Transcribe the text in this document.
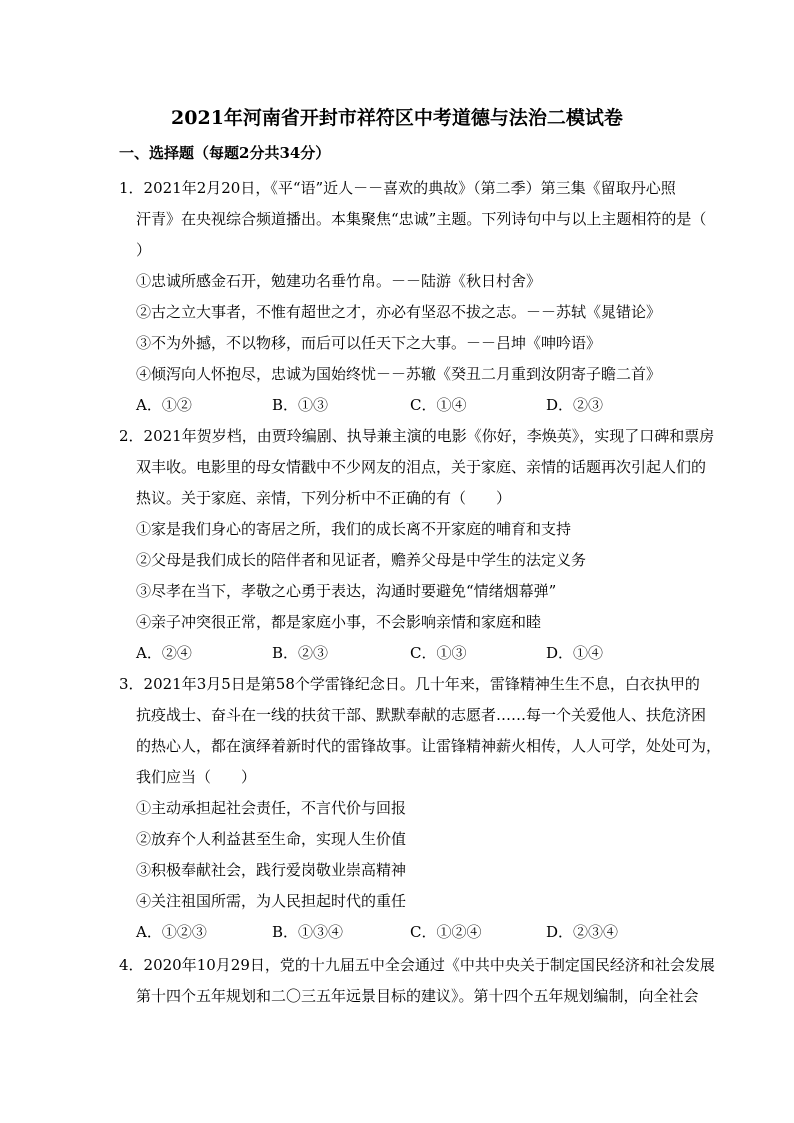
2021年河南省开封市祥符区中考道德与法治二模试卷
一、选择题（每题2分共34分）
1．2021年2月20日，《平“语”近人－－喜欢的典故》（第二季）第三集《留取丹心照
汗青》在央视综合频道播出。本集聚焦“忠诚”主题。下列诗句中与以上主题相符的是（
）
①忠诚所感金石开，勉建功名垂竹帛。－－陆游《秋日村舍》
②古之立大事者，不惟有超世之才，亦必有坚忍不拔之志。－－苏轼《晁错论》
③不为外撼，不以物移，而后可以任天下之大事。－－吕坤《呻吟语》
④倾泻向人怀抱尽，忠诚为国始终忧－－苏辙《癸丑二月重到汝阴寄子瞻二首》
A．①②	B．①③	C．①④	D．②③
2．2021年贺岁档，由贾玲编剧、执导兼主演的电影《你好，李焕英》，实现了口碑和票房
双丰收。电影里的母女情戳中不少网友的泪点，关于家庭、亲情的话题再次引起人们的
热议。关于家庭、亲情，下列分析中不正确的有（　　）
①家是我们身心的寄居之所，我们的成长离不开家庭的哺育和支持
②父母是我们成长的陪伴者和见证者，赡养父母是中学生的法定义务
③尽孝在当下，孝敬之心勇于表达，沟通时要避免“情绪烟幕弹”
④亲子冲突很正常，都是家庭小事，不会影响亲情和家庭和睦
A．②④	B．②③	C．①③	D．①④
3．2021年3月5日是第58个学雷锋纪念日。几十年来，雷锋精神生生不息，白衣执甲的
抗疫战士、奋斗在一线的扶贫干部、默默奉献的志愿者……每一个关爱他人、扶危济困
的热心人，都在演绎着新时代的雷锋故事。让雷锋精神薪火相传，人人可学，处处可为，
我们应当（　　）
①主动承担起社会责任，不言代价与回报
②放弃个人利益甚至生命，实现人生价值
③积极奉献社会，践行爱岗敬业崇高精神
④关注祖国所需，为人民担起时代的重任
A．①②③	B．①③④	C．①②④	D．②③④
4．2020年10月29日，党的十九届五中全会通过《中共中央关于制定国民经济和社会发展
第十四个五年规划和二〇三五年远景目标的建议》。第十四个五年规划编制，向全社会
